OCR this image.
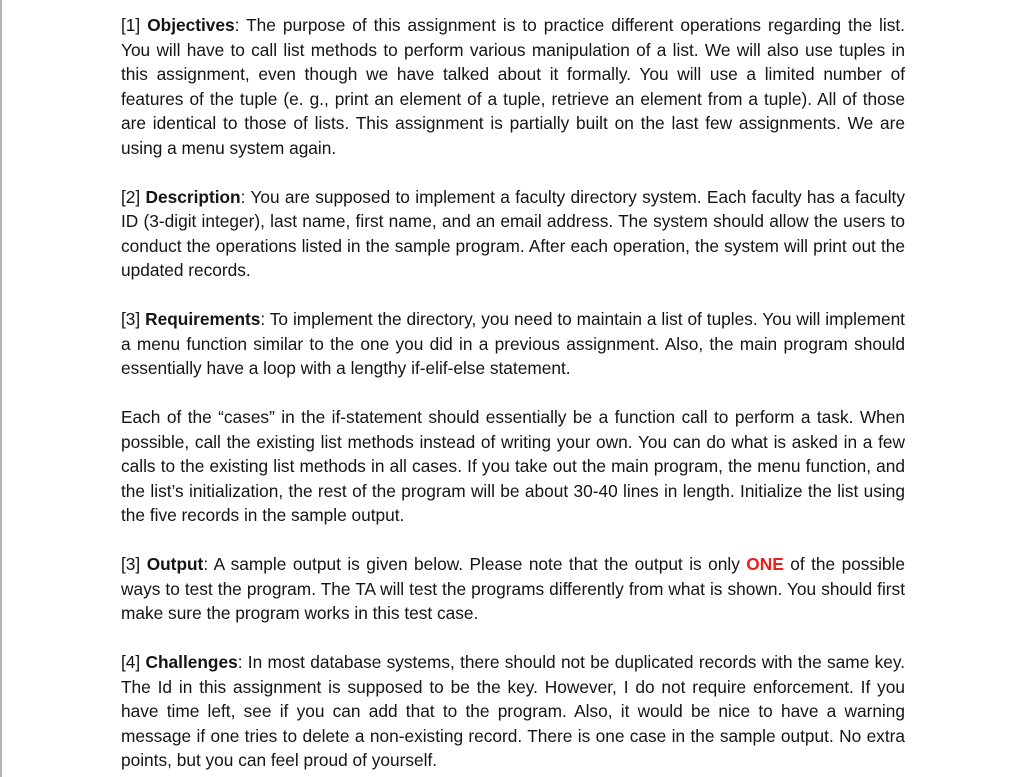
[1] Objectives: The purpose of this assignment is to practice different operations regarding the list. You will have to call list methods to perform various manipulation of a list. We will also use tuples in this assignment, even though we have talked about it formally. You will use a limited number of features of the tuple (e. g., print an element of a tuple, retrieve an element from a tuple). All of those are identical to those of lists. This assignment is partially built on the last few assignments. We are using a menu system again.

[2] Description: You are supposed to implement a faculty directory system. Each faculty has a faculty ID (3-digit integer), last name, first name, and an email address. The system should allow the users to conduct the operations listed in the sample program. After each operation, the system will print out the updated records.

[3] Requirements: To implement the directory, you need to maintain a list of tuples. You will implement a menu function similar to the one you did in a previous assignment. Also, the main program should essentially have a loop with a lengthy if-elif-else statement.

Each of the “cases” in the if-statement should essentially be a function call to perform a task. When possible, call the existing list methods instead of writing your own. You can do what is asked in a few calls to the existing list methods in all cases. If you take out the main program, the menu function, and the list’s initialization, the rest of the program will be about 30-40 lines in length. Initialize the list using the five records in the sample output.

[3] Output: A sample output is given below. Please note that the output is only ONE of the possible ways to test the program. The TA will test the programs differently from what is shown. You should first make sure the program works in this test case.

[4] Challenges: In most database systems, there should not be duplicated records with the same key. The Id in this assignment is supposed to be the key. However, I do not require enforcement. If you have time left, see if you can add that to the program. Also, it would be nice to have a warning message if one tries to delete a non-existing record. There is one case in the sample output. No extra points, but you can feel proud of yourself.
